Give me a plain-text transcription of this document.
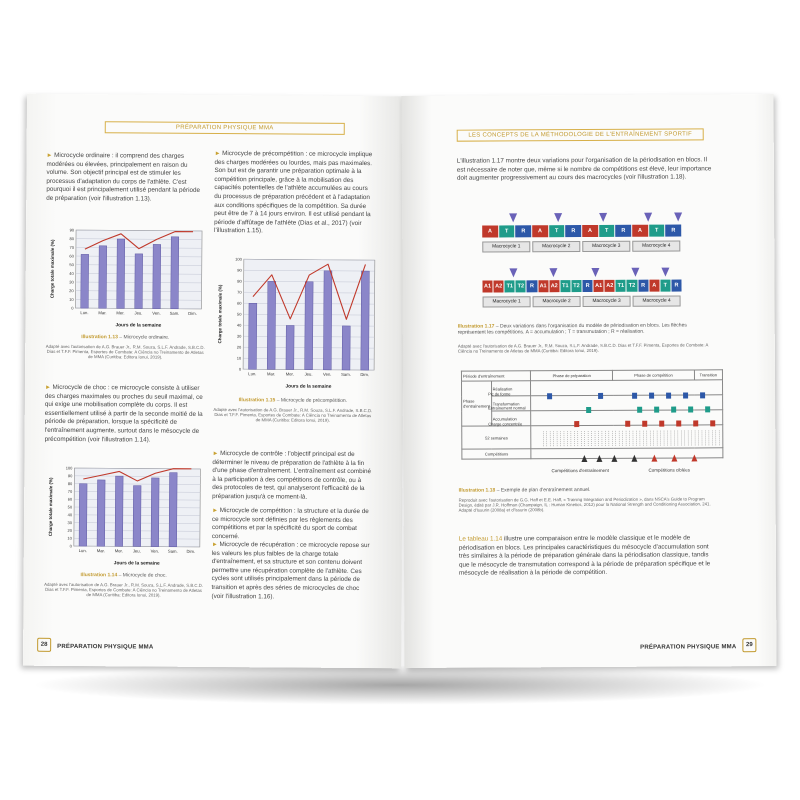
PRÉPARATION PHYSIQUE MMA
► Microcycle ordinaire : il comprend des charges modérées ou élevées, principalement en raison du volume. Son objectif principal est de stimuler les processus d'adaptation du corps de l'athlète. C'est pourquoi il est principalement utilisé pendant la période de préparation (voir l'illustration 1.13).
0
10
20
30
40
50
60
70
80
90
Lun. Mar. Mer. Jeu. Ven. Sam. Dim.
Jours de la semaine
Charge totale maximale (%)
Illustration 1.13 – Microcycle ordinaire.
Adapté avec l'autorisation de A.G. Brauer Jr., R.M. Souza, S.L.F. Andrade, S.B.C.D. Dias et T.F.F. Pimenta, Esportes de Combate: A Ciência no Treinamento de Atletas de MMA (Curitiba: Editora Ionui, 2019).
► Microcycle de choc : ce microcycle consiste à utiliser des charges maximales ou proches du seuil maximal, ce qui exige une mobilisation complète du corps. Il est essentiellement utilisé à partir de la seconde moitié de la période de préparation, lorsque la spécificité de l'entraînement augmente, surtout dans le mésocycle de précompétition (voir l'illustration 1.14).
0
10
20
30
40
50
60
70
80
90
100
Lun. Mar. Mer. Jeu. Ven. Sam. Dim.
Jours de la semaine
Charge totale maximale (%)
Illustration 1.14 – Microcycle de choc.
Adapté avec l'autorisation de A.G. Brauer Jr., R.M. Souza, S.L.F. Andrade, S.B.C.D. Dias et T.F.F. Pimenta, Esportes de Combate: A Ciência no Treinamento de Atletas de MMA (Curitiba: Editora Ionui, 2019).
► Microcycle de précompétition : ce microcycle implique des charges modérées ou lourdes, mais pas maximales. Son but est de garantir une préparation optimale à la compétition principale, grâce à la mobilisation des capacités potentielles de l'athlète accumulées au cours du processus de préparation précédent et à l'adaptation aux conditions spécifiques de la compétition. Sa durée peut être de 7 à 14 jours environ. Il est utilisé pendant la période d'affûtage de l'athlète (Dias et al., 2017) (voir l'illustration 1.15).
0
10
20
30
40
50
60
70
80
90
100
Lun.	Mar.	Mer.	Jeu.	Ven. Sam. Dim.
Jours de la semaine
Charge totale maximale (%)
Illustration 1.15 – Microcycle de précompétition.
Adapté avec l'autorisation de A.G. Brauer Jr., R.M. Souza, S.L.F. Andrade, S.B.C.D. Dias et T.F.F. Pimenta, Esportes de Combate: A Ciência no Treinamento de Atletas de MMA (Curitiba: Editora Ionui, 2019).
► Microcycle de contrôle : l'objectif principal est de déterminer le niveau de préparation de l'athlète à la fin d'une phase d'entraînement. L'entraînement est combiné à la participation à des compétitions de contrôle, ou à des protocoles de test, qui analyseront l'efficacité de la préparation jusqu'à ce moment-là.
► Microcycle de compétition : la structure et la durée de ce microcycle sont définies par les règlements des compétitions et par la spécificité du sport de combat concerné.
► Microcycle de récupération : ce microcycle repose sur les valeurs les plus faibles de la charge totale d'entraînement, et sa structure et son contenu doivent permettre une récupération complète de l'athlète. Ces cycles sont utilisés principalement dans la période de transition et après des séries de microcycles de choc (voir l'illustration 1.16).
28	PRÉPARATION PHYSIQUE MMA
LES CONCEPTS DE LA MÉTHODOLOGIE DE L'ENTRAÎNEMENT SPORTIF
L'illustration 1.17 montre deux variations pour l'organisation de la périodisation en blocs. Il est nécessaire de noter que, même si le nombre de compétitions est élevé, leur importance doit augmenter progressivement au cours des macrocycles (voir l'illustration 1.18).
A	T	R	A	T	R	A	T	R	A	T	R
A1 A2 T1 T2	R	A1 A2 T1 T2	R	A1 A2 T1 T2	R	A	T	R
Macrocycle 1	Macrocycle 2	Macrocycle 3	Macrocycle 4
Macrocycle 1	Macrocycle 2	Macrocycle 3	Macrocycle 4
Illustration 1.17 – Deux variations dans l'organisation du modèle de périodisation en blocs. Les flèches représentent les compétitions. A = accumulation ; T = transmutation ; R = réalisation.
Adapté avec l'autorisation de A.G. Brauer Jr., R.M. Souza, S.L.F. Andrade, S.B.C.D. Dias et T.F.F. Pimenta, Esportes de Combate: A Ciência no Treinamento de Atletas de MMA (Curitiba: Editora Ionui, 2019).
Période d'entraînement		Phase de préparation	Phase de compétition	Transition
Phase d'entraînement	Réalisation			
	Transformation			
	Accumulation			
52 semaines				
Compétitions				
Pic de forme
Entraînement normal
Charge concentrée
Compétitions d'entraînement	Compétitions ciblées
Illustration 1.18 – Exemple de plan d'entraînement annuel.
Reproduit avec l'autorisation de G.G. Haff et E.E. Haff, « Training Integration and Periodization », dans NSCA's Guide to Program Design, édité par J.R. Hoffman (Champaign, IL : Human Kinetics, 2012) pour la National Strength and Conditioning Association, 241. Adapté d'Issurin (2008a) et d'Issurin (2008b).
Le tableau 1.14 illustre une comparaison entre le modèle classique et le modèle de périodisation en blocs. Les principales caractéristiques du mésocycle d'accumulation sont très similaires à la période de préparation générale dans la périodisation classique, tandis que le mésocycle de transmutation correspond à la période de préparation spécifique et le mésocycle de réalisation à la période de compétition.
PRÉPARATION PHYSIQUE MMA	29
